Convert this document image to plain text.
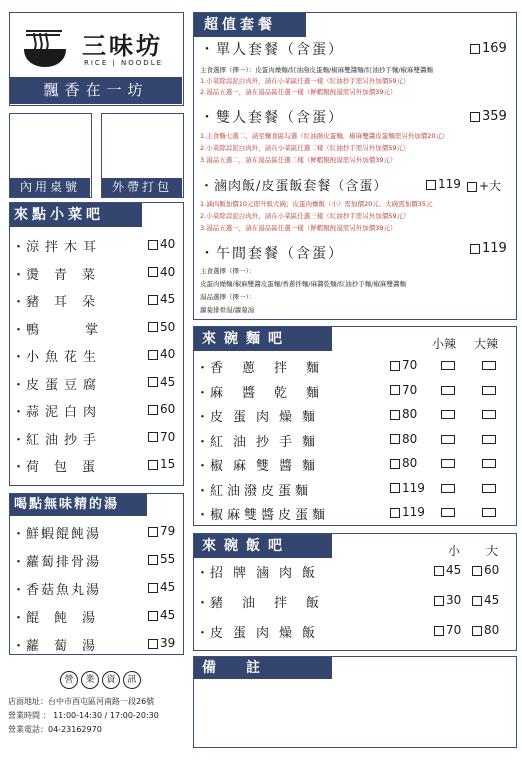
三味坊
RICE | NOODLE
飄香在一坊
內用桌號	外帶打包
來點小菜吧
・ 涼拌木耳	40
・ 燙青菜	40
・ 豬耳朵	45
・ 鴨掌	50
・ 小魚花生	40
・ 皮蛋豆腐	45
・ 蒜泥白肉	60
・ 紅油抄手	70
・ 荷包蛋	15
喝點無味精的湯
・ 鮮蝦餛飩湯	79
・ 蘿蔔排骨湯	55
・ 香菇魚丸湯	45
・ 餛飩湯	45
・ 蘿蔔湯	39
營 業 資 訊
店面地址：台中市西屯區河南路一段26號
營業時間 ： 11:00-14:30 / 17:00-20:30
營業電話：04-23162970
超值套餐
・單人套餐（含蛋）	169
主食選擇（擇一）：皮蛋肉燥麵/紅油潑皮蛋麵/椒麻雙醬麵/紅油抄手麵/椒麻雙醬麵
1.小菜除蒜泥白肉外，請在小菜區任選一樣（紅油抄手需另外加價59元）
2.湯品五選一，請在湯品區任選一樣（鮮蝦餛飩湯需另外加價39元）
・雙人套餐（含蛋）	359
1.主食麵七選二，請至麵食區勾選（紅油潑皮蛋麵，椒麻雙醬皮蛋麵需另外加價20元）
2.小菜除蒜泥白肉外，請在小菜區任選二樣（紅油抄手需另外加價59元）
3.湯品五選二，請在湯品區任選二樣（鮮蝦餛飩湯需另外加價39元）
・滷肉飯/皮蛋飯套餐（含蛋）	119	+大
1.滷肉飯加價10元即升級大碗；皮蛋肉燥飯（小）需加價20元、大碗需加價35元
2.小菜除蒜泥白肉外，請在小菜區任選三樣（紅油抄手需另外加價59元）
3.湯品五選一，請在湯品區任選一樣（鮮蝦餛飩湯需另外加價39元）
・午間套餐（含蛋）	119
主食選擇（擇一）：
皮蛋肉燥麵/椒麻雙醬皮蛋麵/香蔥拌麵/麻醬乾麵/紅油抄手麵/椒麻雙醬麵
湯品選擇（擇一）：
蘿蔔排骨湯/蘿蔔湯
來碗麵吧	小辣 大辣
・ 香蔥拌麵	70
・ 麻醬乾麵	70
・ 皮蛋肉燥麵	80
・ 紅油抄手麵	80
・ 椒麻雙醬麵	80
・ 紅油潑皮蛋麵	119
・ 椒麻雙醬皮蛋麵	119
來碗飯吧	小 大
・ 招牌滷肉飯	45	60
・ 豬油拌飯	30	45
・ 皮蛋肉燥飯	70	80
備註
